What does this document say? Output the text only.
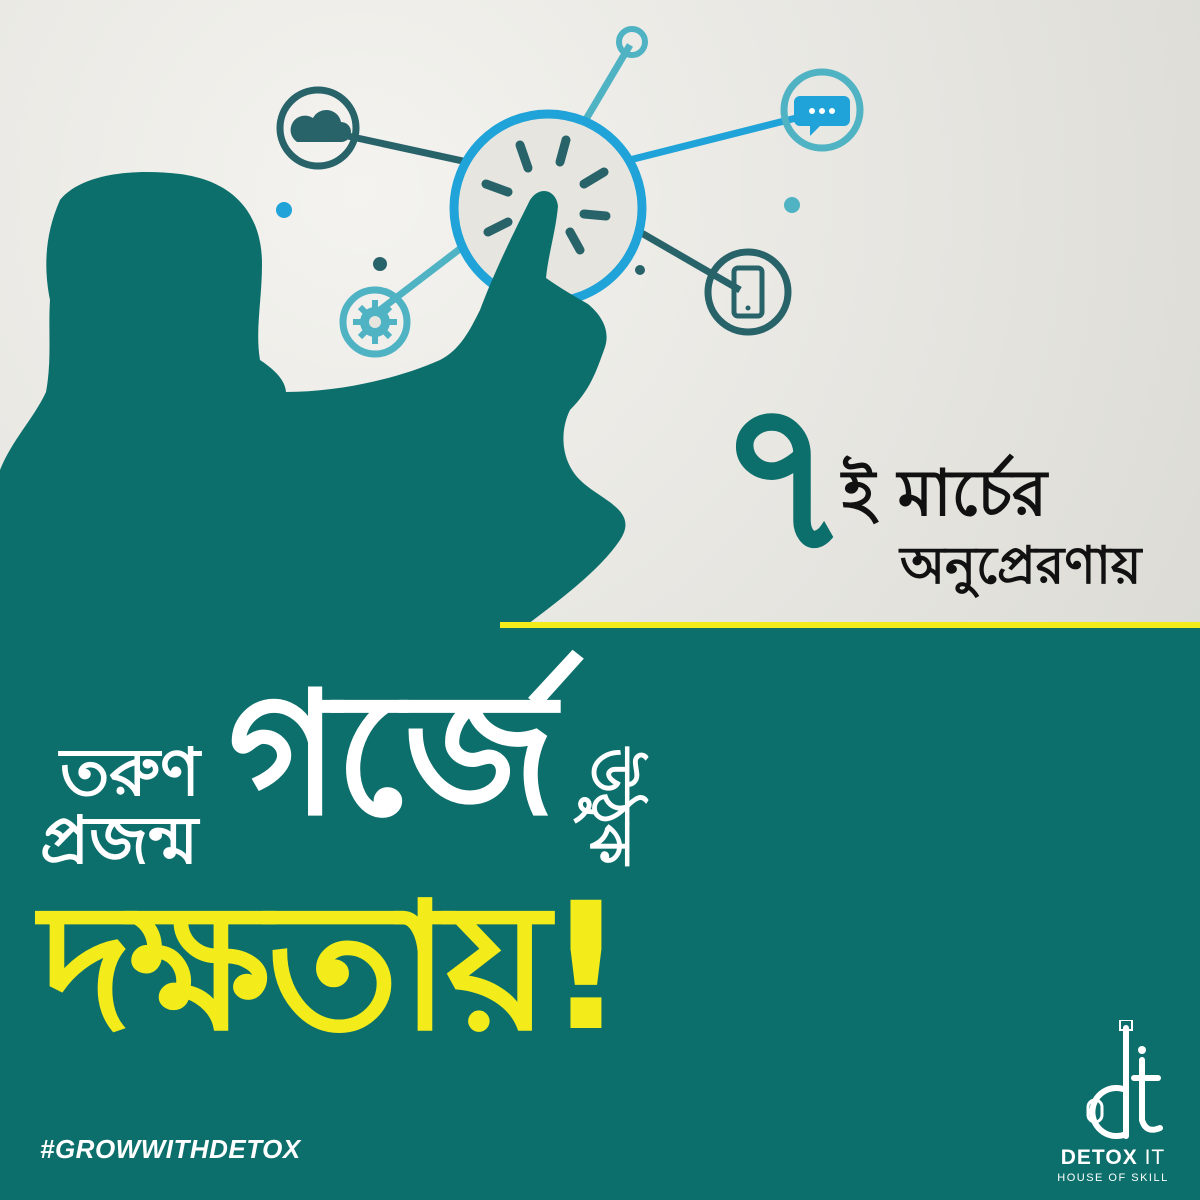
৭
ই মার্চের
অনুপ্রেরণায়
তরুণ
প্রজন্ম গর্জে উঠুক
দক্ষতায়!
#GROWWITHDETOX	DETOX IT
HOUSE OF SKILL
